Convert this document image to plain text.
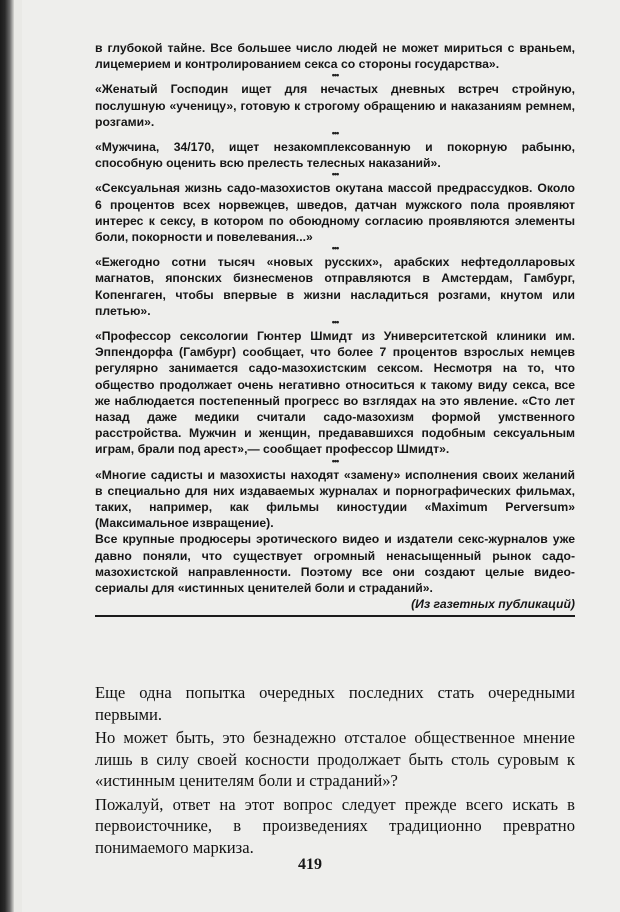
в глубокой тайне. Все большее число людей не может мириться с враньем, лицемерием и контролированием секса со стороны государства».

•••

«Женатый Господин ищет для нечастых дневных встреч стройную, послушную «ученицу», готовую к строгому обращению и наказаниям ремнем, розгами».

•••

«Мужчина, 34/170, ищет незакомплексованную и покорную рабыню, способную оценить всю прелесть телесных наказаний».

•••

«Сексуальная жизнь садо-мазохистов окутана массой предрассудков. Около 6 процентов всех норвежцев, шведов, датчан мужского пола проявляют интерес к сексу, в котором по обоюдному согласию проявляются элементы боли, покорности и повелевания...»

•••

«Ежегодно сотни тысяч «новых русских», арабских нефтедолларовых магнатов, японских бизнесменов отправляются в Амстердам, Гамбург, Копенгаген, чтобы впервые в жизни насладиться розгами, кнутом или плетью».

•••

«Профессор сексологии Гюнтер Шмидт из Университетской клиники им. Эппендорфа (Гамбург) сообщает, что более 7 процентов взрослых немцев регулярно занимается садо-мазохистским сексом. Несмотря на то, что общество продолжает очень негативно относиться к такому виду секса, все же наблюдается постепенный прогресс во взглядах на это явление. «Сто лет назад даже медики считали садо-мазохизм формой умственного расстройства. Мужчин и женщин, предававшихся подобным сексуальным играм, брали под арест»,— сообщает профессор Шмидт».

•••

«Многие садисты и мазохисты находят «замену» исполнения своих желаний в специально для них издаваемых журналах и порнографических фильмах, таких, например, как фильмы киностудии «Maximum Perversum» (Максимальное извращение).

Все крупные продюсеры эротического видео и издатели секс-журналов уже давно поняли, что существует огромный ненасыщенный рынок садо-мазохистской направленности. Поэтому все они создают целые видео-сериалы для «истинных ценителей боли и страданий».

(Из газетных публикаций)

Еще одна попытка очередных последних стать очередными первыми.

Но может быть, это безнадежно отсталое общественное мнение лишь в силу своей косности продолжает быть столь суровым к «истинным ценителям боли и страданий»?

Пожалуй, ответ на этот вопрос следует прежде всего искать в первоисточнике, в произведениях традиционно превратно понимаемого маркиза.

419
